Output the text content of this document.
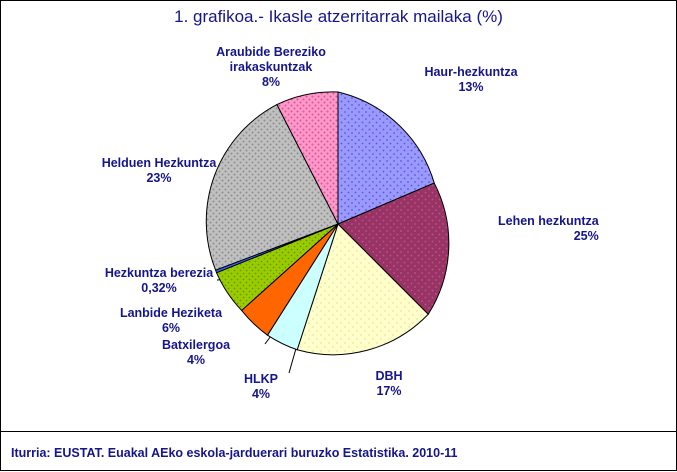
1. grafikoa.- Ikasle atzerritarrak mailaka (%)
Araubide Bereziko
irakaskuntzak
8%
Haur-hezkuntza
13%
Lehen hezkuntza
25%
DBH
17%
HLKP
4%
Batxilergoa
4%
Lanbide Heziketa
6%
Hezkuntza berezia
0,32%
Helduen Hezkuntza
23%
Iturria: EUSTAT. Euakal AEko eskola-jarduerari buruzko Estatistika. 2010-11
